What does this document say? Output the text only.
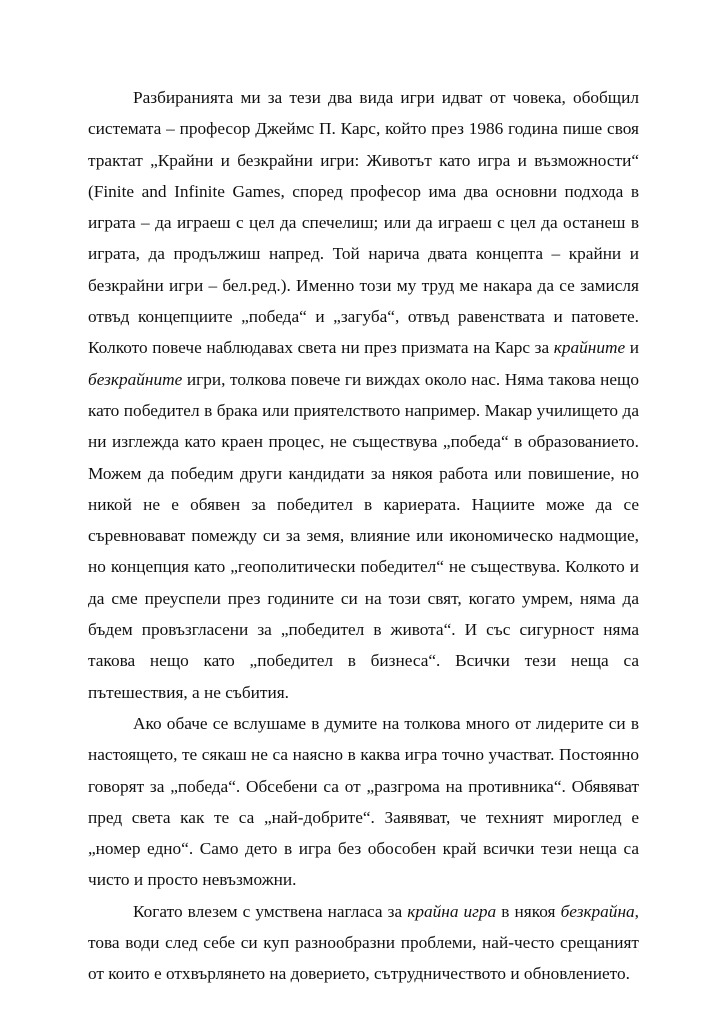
Разбиранията ми за тези два вида игри идват от човека, обобщил системата – професор Джеймс П. Карс, който през 1986 година пише своя трактат „Крайни и безкрайни игри: Животът като игра и възможности“ (Finite and Infinite Games, според професор има два основни подхода в играта – да играеш с цел да спечелиш; или да играеш с цел да останеш в играта, да продължиш напред. Той нарича двата концепта – крайни и безкрайни игри – бел.ред.). Именно този му труд ме накара да се замисля отвъд концепциите „победа“ и „загуба“, отвъд равенствата и патовете. Колкото повече наблюдавах света ни през призмата на Карс за крайните и безкрайните игри, толкова повече ги виждах около нас. Няма такова нещо като победител в брака или приятелството например. Макар училището да ни изглежда като краен процес, не съществува „победа“ в образованието. Можем да победим други кандидати за някоя работа или повишение, но никой не е обявен за победител в кариерата. Нациите може да се съревновават помежду си за земя, влияние или икономическо надмощие, но концепция като „геополитически победител“ не съществува. Колкото и да сме преуспели през годините си на този свят, когато умрем, няма да бъдем провъзгласени за „победител в живота“. И със сигурност няма такова нещо като „победител в бизнеса“. Всички тези неща са пътешествия, а не събития.

Ако обаче се вслушаме в думите на толкова много от лидерите си в настоящето, те сякаш не са наясно в каква игра точно участват. Постоянно говорят за „победа“. Обсебени са от „разгрома на противника“. Обявяват пред света как те са „най-добрите“. Заявяват, че техният мироглед е „номер едно“. Само дето в игра без обособен край всички тези неща са чисто и просто невъзможни.

Когато влезем с умствена нагласа за крайна игра в някоя безкрайна, това води след себе си куп разнообразни проблеми, най-често срещаният от които е отхвърлянето на доверието, сътрудничеството и обновлението.
